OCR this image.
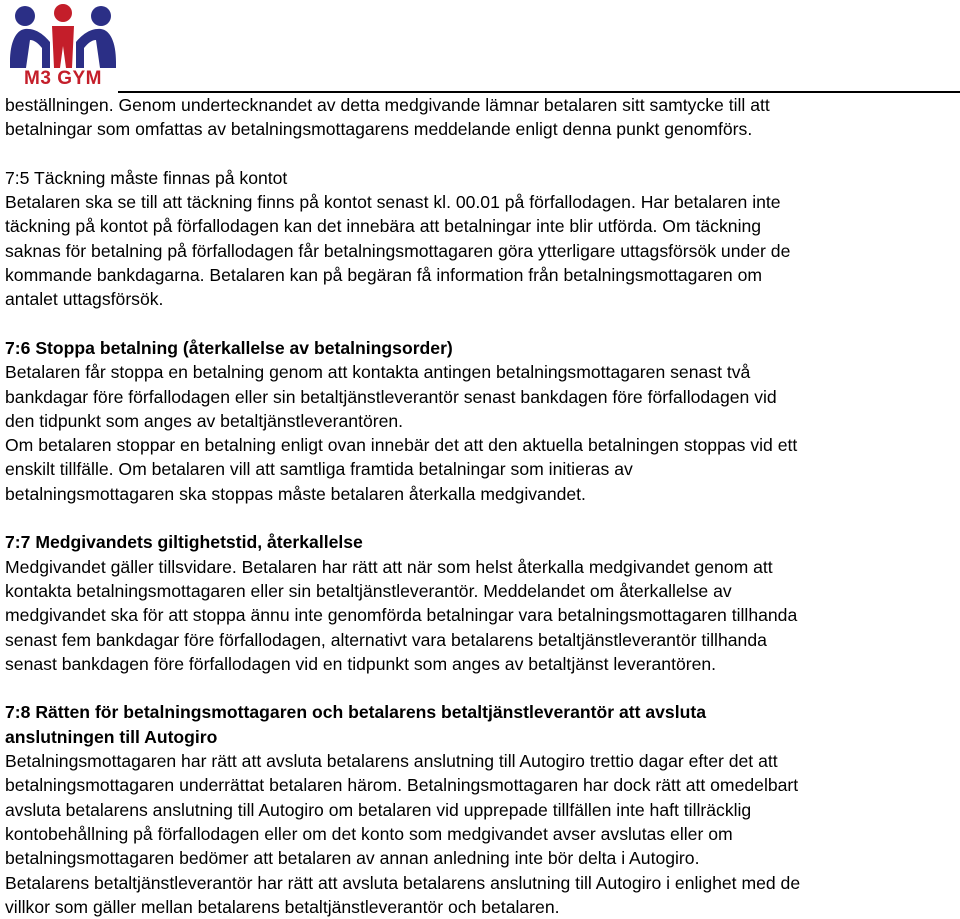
M3 GYM

beställningen. Genom undertecknandet av detta medgivande lämnar betalaren sitt samtycke till att

betalningar som omfattas av betalningsmottagarens meddelande enligt denna punkt genomförs.

7:5 Täckning måste finnas på kontot

Betalaren ska se till att täckning finns på kontot senast kl. 00.01 på förfallodagen. Har betalaren inte

täckning på kontot på förfallodagen kan det innebära att betalningar inte blir utförda. Om täckning

saknas för betalning på förfallodagen får betalningsmottagaren göra ytterligare uttagsförsök under de

kommande bankdagarna. Betalaren kan på begäran få information från betalningsmottagaren om

antalet uttagsförsök.

7:6 Stoppa betalning (återkallelse av betalningsorder)

Betalaren får stoppa en betalning genom att kontakta antingen betalningsmottagaren senast två

bankdagar före förfallodagen eller sin betaltjänstleverantör senast bankdagen före förfallodagen vid

den tidpunkt som anges av betaltjänstleverantören.

Om betalaren stoppar en betalning enligt ovan innebär det att den aktuella betalningen stoppas vid ett

enskilt tillfälle. Om betalaren vill att samtliga framtida betalningar som initieras av

betalningsmottagaren ska stoppas måste betalaren återkalla medgivandet.

7:7 Medgivandets giltighetstid, återkallelse

Medgivandet gäller tillsvidare. Betalaren har rätt att när som helst återkalla medgivandet genom att

kontakta betalningsmottagaren eller sin betaltjänstleverantör. Meddelandet om återkallelse av

medgivandet ska för att stoppa ännu inte genomförda betalningar vara betalningsmottagaren tillhanda

senast fem bankdagar före förfallodagen, alternativt vara betalarens betaltjänstleverantör tillhanda

senast bankdagen före förfallodagen vid en tidpunkt som anges av betaltjänst leverantören.

7:8 Rätten för betalningsmottagaren och betalarens betaltjänstleverantör att avsluta

anslutningen till Autogiro

Betalningsmottagaren har rätt att avsluta betalarens anslutning till Autogiro trettio dagar efter det att

betalningsmottagaren underrättat betalaren härom. Betalningsmottagaren har dock rätt att omedelbart

avsluta betalarens anslutning till Autogiro om betalaren vid upprepade tillfällen inte haft tillräcklig

kontobehållning på förfallodagen eller om det konto som medgivandet avser avslutas eller om

betalningsmottagaren bedömer att betalaren av annan anledning inte bör delta i Autogiro.

Betalarens betaltjänstleverantör har rätt att avsluta betalarens anslutning till Autogiro i enlighet med de

villkor som gäller mellan betalarens betaltjänstleverantör och betalaren.
